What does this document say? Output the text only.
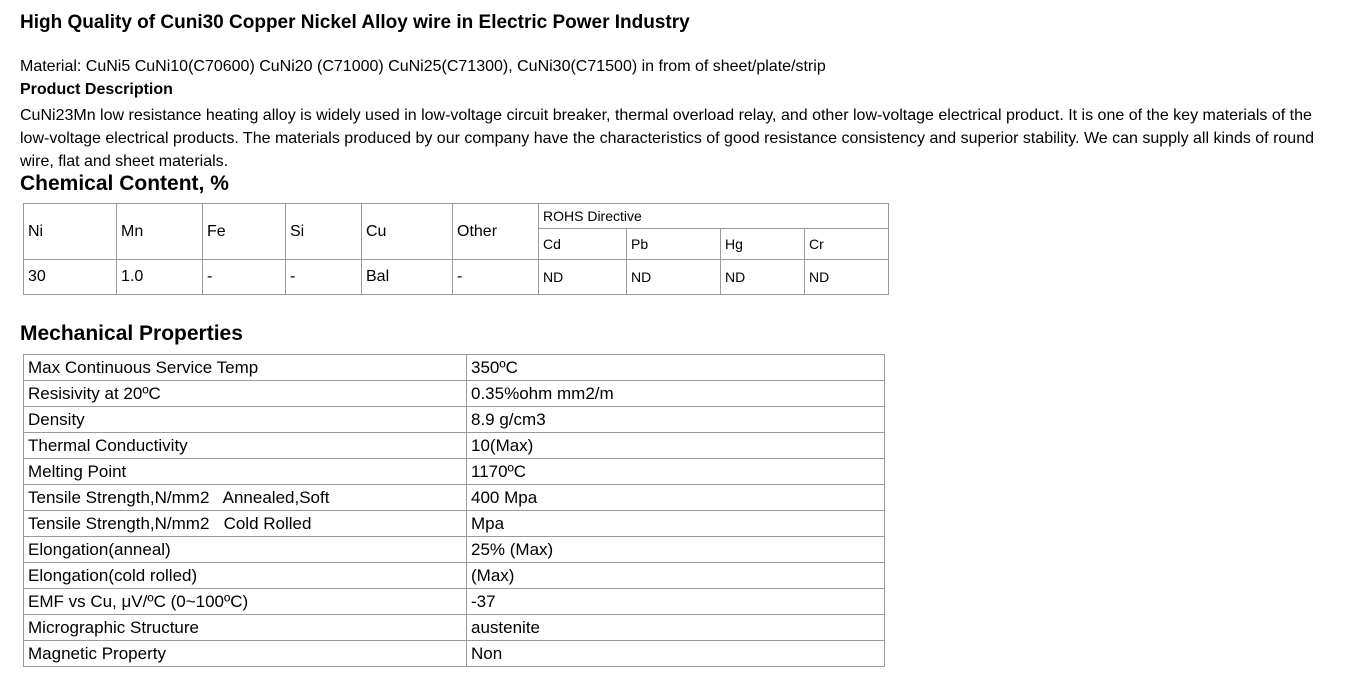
High Quality of Cuni30 Copper Nickel Alloy wire in Electric Power Industry
Material: CuNi5 CuNi10(C70600) CuNi20 (C71000) CuNi25(C71300), CuNi30(C71500) in from of sheet/plate/strip
Product Description

CuNi23Mn low resistance heating alloy is widely used in low-voltage circuit breaker, thermal overload relay, and other low-voltage electrical product. It is one of the key materials of the low-voltage electrical products. The materials produced by our company have the characteristics of good resistance consistency and superior stability. We can supply all kinds of round wire, flat and sheet materials.

Chemical Content, %
Ni	Mn	Fe	Si	Cu	Other	ROHS Directive			
						Cd	Pb	Hg	Cr
30	1.0	-	-	Bal	-	ND	ND	ND	ND
Mechanical Properties
Max Continuous Service Temp	350ºC
Resisivity at 20ºC	0.35%ohm mm2/m
Density	8.9 g/cm3
Thermal Conductivity	10(Max)
Melting Point	1170ºC
Tensile Strength,N/mm2   Annealed,Soft	400 Mpa
Tensile Strength,N/mm2   Cold Rolled	Mpa
Elongation(anneal)	25% (Max)
Elongation(cold rolled)	(Max)
EMF vs Cu, μV/ºC (0~100ºC)	-37
Micrographic Structure	austenite
Magnetic Property	Non
